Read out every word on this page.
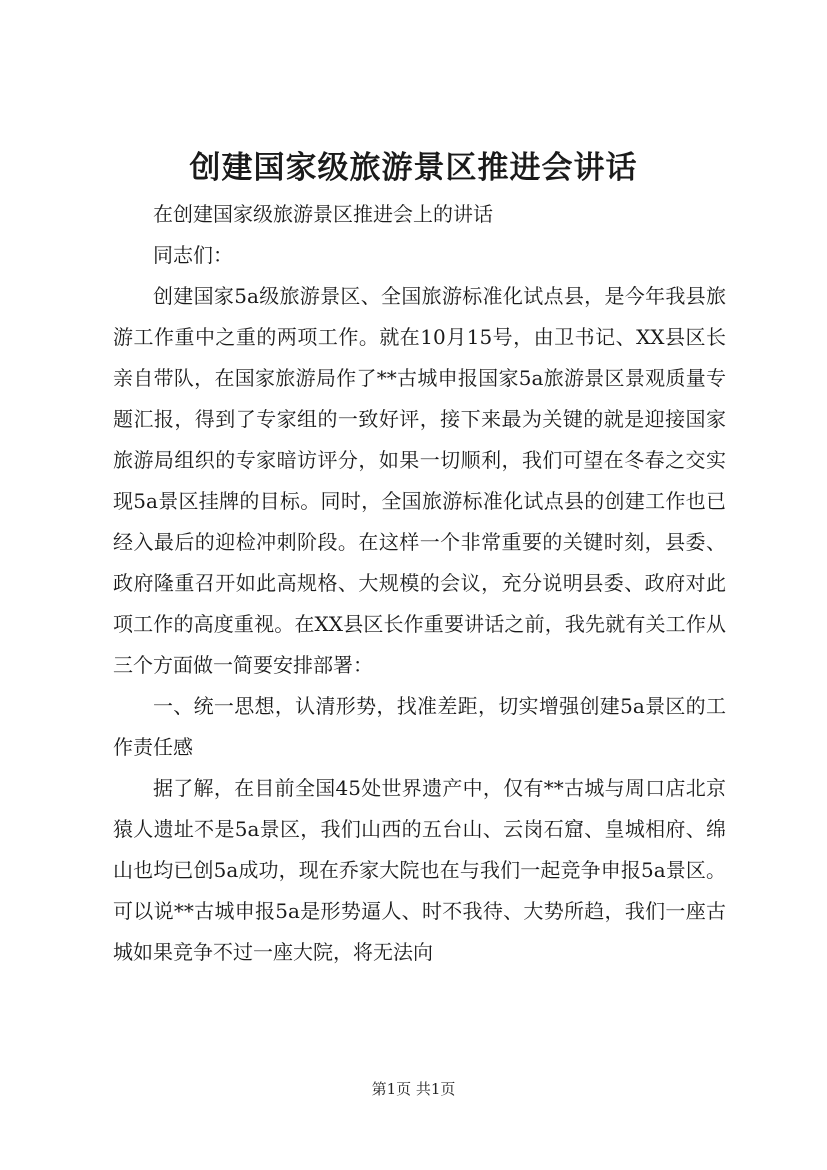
创建国家级旅游景区推进会讲话

在创建国家级旅游景区推进会上的讲话

同志们：

创建国家5a级旅游景区、全国旅游标准化试点县，是今年我县旅游工作重中之重的两项工作。就在10月15号，由卫书记、XX县区长亲自带队，在国家旅游局作了**古城申报国家5a旅游景区景观质量专题汇报，得到了专家组的一致好评，接下来最为关键的就是迎接国家旅游局组织的专家暗访评分，如果一切顺利，我们可望在冬春之交实现5a景区挂牌的目标。同时，全国旅游标准化试点县的创建工作也已经入最后的迎检冲刺阶段。在这样一个非常重要的关键时刻，县委、政府隆重召开如此高规格、大规模的会议，充分说明县委、政府对此项工作的高度重视。在XX县区长作重要讲话之前，我先就有关工作从三个方面做一简要安排部署：

一、统一思想，认清形势，找准差距，切实增强创建5a景区的工作责任感

据了解，在目前全国45处世界遗产中，仅有**古城与周口店北京猿人遗址不是5a景区，我们山西的五台山、云岗石窟、皇城相府、绵山也均已创5a成功，现在乔家大院也在与我们一起竞争申报5a景区。可以说**古城申报5a是形势逼人、时不我待、大势所趋，我们一座古城如果竞争不过一座大院，将无法向

第1页 共1页
